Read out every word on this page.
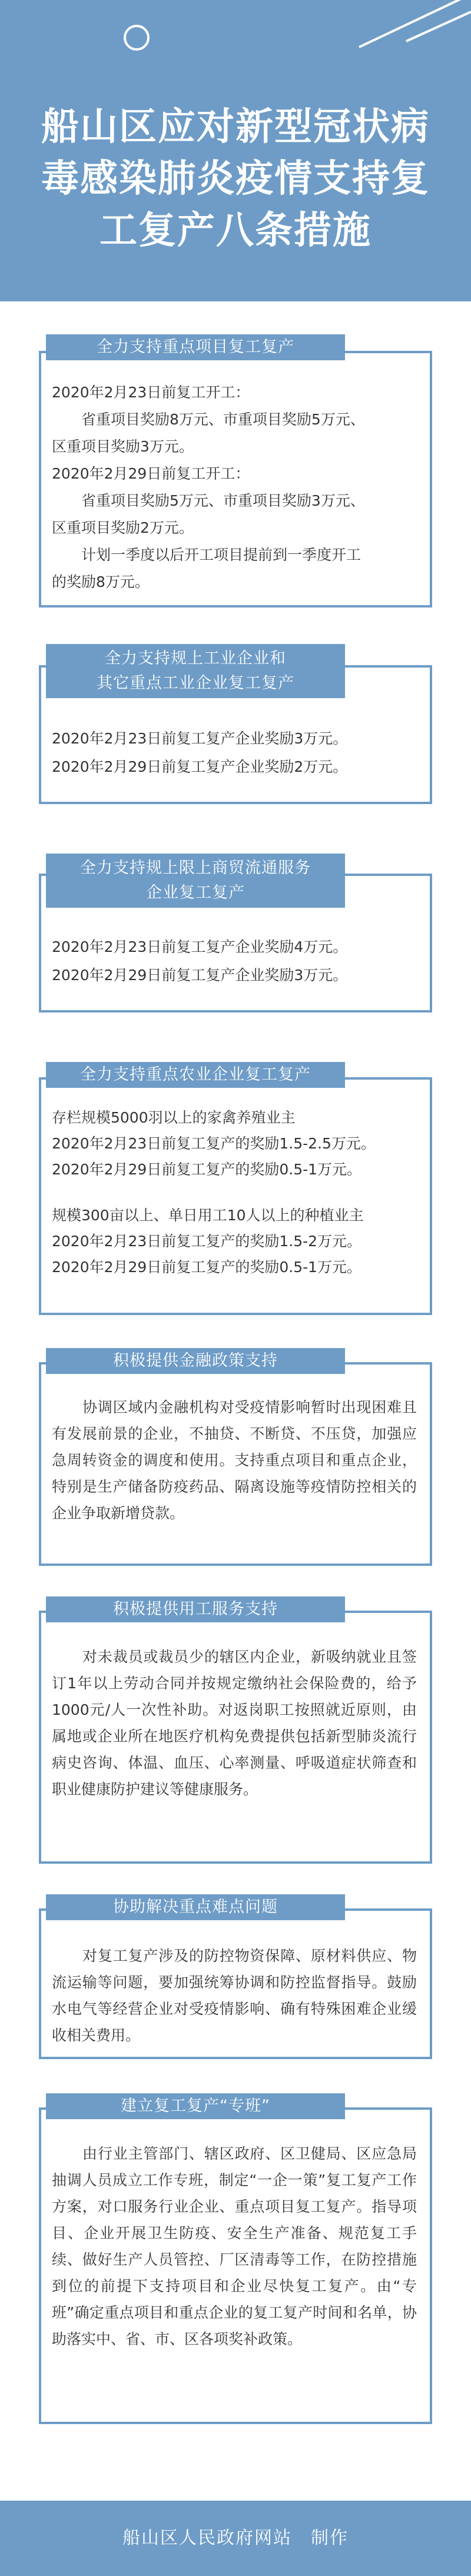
船山区应对新型冠状病
毒感染肺炎疫情支持复
工复产八条措施
全力支持重点项目复工复产
2020年2月23日前复工开工：
　　省重项目奖励8万元、市重项目奖励5万元、
区重项目奖励3万元。
2020年2月29日前复工开工：
　　省重项目奖励5万元、市重项目奖励3万元、
区重项目奖励2万元。
　　计划一季度以后开工项目提前到一季度开工
的奖励8万元。
全力支持规上工业企业和
其它重点工业企业复工复产
2020年2月23日前复工复产企业奖励3万元。
2020年2月29日前复工复产企业奖励2万元。
全力支持规上限上商贸流通服务
企业复工复产
2020年2月23日前复工复产企业奖励4万元。
2020年2月29日前复工复产企业奖励3万元。
全力支持重点农业企业复工复产
存栏规模5000羽以上的家禽养殖业主
2020年2月23日前复工复产的奖励1.5-2.5万元。
2020年2月29日前复工复产的奖励0.5-1万元。
规模300亩以上、单日用工10人以上的种植业主
2020年2月23日前复工复产的奖励1.5-2万元。
2020年2月29日前复工复产的奖励0.5-1万元。
积极提供金融政策支持
协调区域内金融机构对受疫情影响暂时出现困难且有发展前景的企业，不抽贷、不断贷、不压贷，加强应急周转资金的调度和使用。支持重点项目和重点企业，特别是生产储备防疫药品、隔离设施等疫情防控相关的企业争取新增贷款。
积极提供用工服务支持
对未裁员或裁员少的辖区内企业，新吸纳就业且签订1年以上劳动合同并按规定缴纳社会保险费的，给予1000元/人一次性补助。对返岗职工按照就近原则，由属地或企业所在地医疗机构免费提供包括新型肺炎流行病史咨询、体温、血压、心率测量、呼吸道症状筛查和职业健康防护建议等健康服务。
协助解决重点难点问题
对复工复产涉及的防控物资保障、原材料供应、物流运输等问题，要加强统筹协调和防控监督指导。鼓励水电气等经营企业对受疫情影响、确有特殊困难企业缓收相关费用。
建立复工复产“专班”
由行业主管部门、辖区政府、区卫健局、区应急局抽调人员成立工作专班，制定“一企一策”复工复产工作方案，对口服务行业企业、重点项目复工复产。指导项目、企业开展卫生防疫、安全生产准备、规范复工手续、做好生产人员管控、厂区清毒等工作，在防控措施到位的前提下支持项目和企业尽快复工复产。由“专班”确定重点项目和重点企业的复工复产时间和名单，协助落实中、省、市、区各项奖补政策。
船山区人民政府网站　制作
